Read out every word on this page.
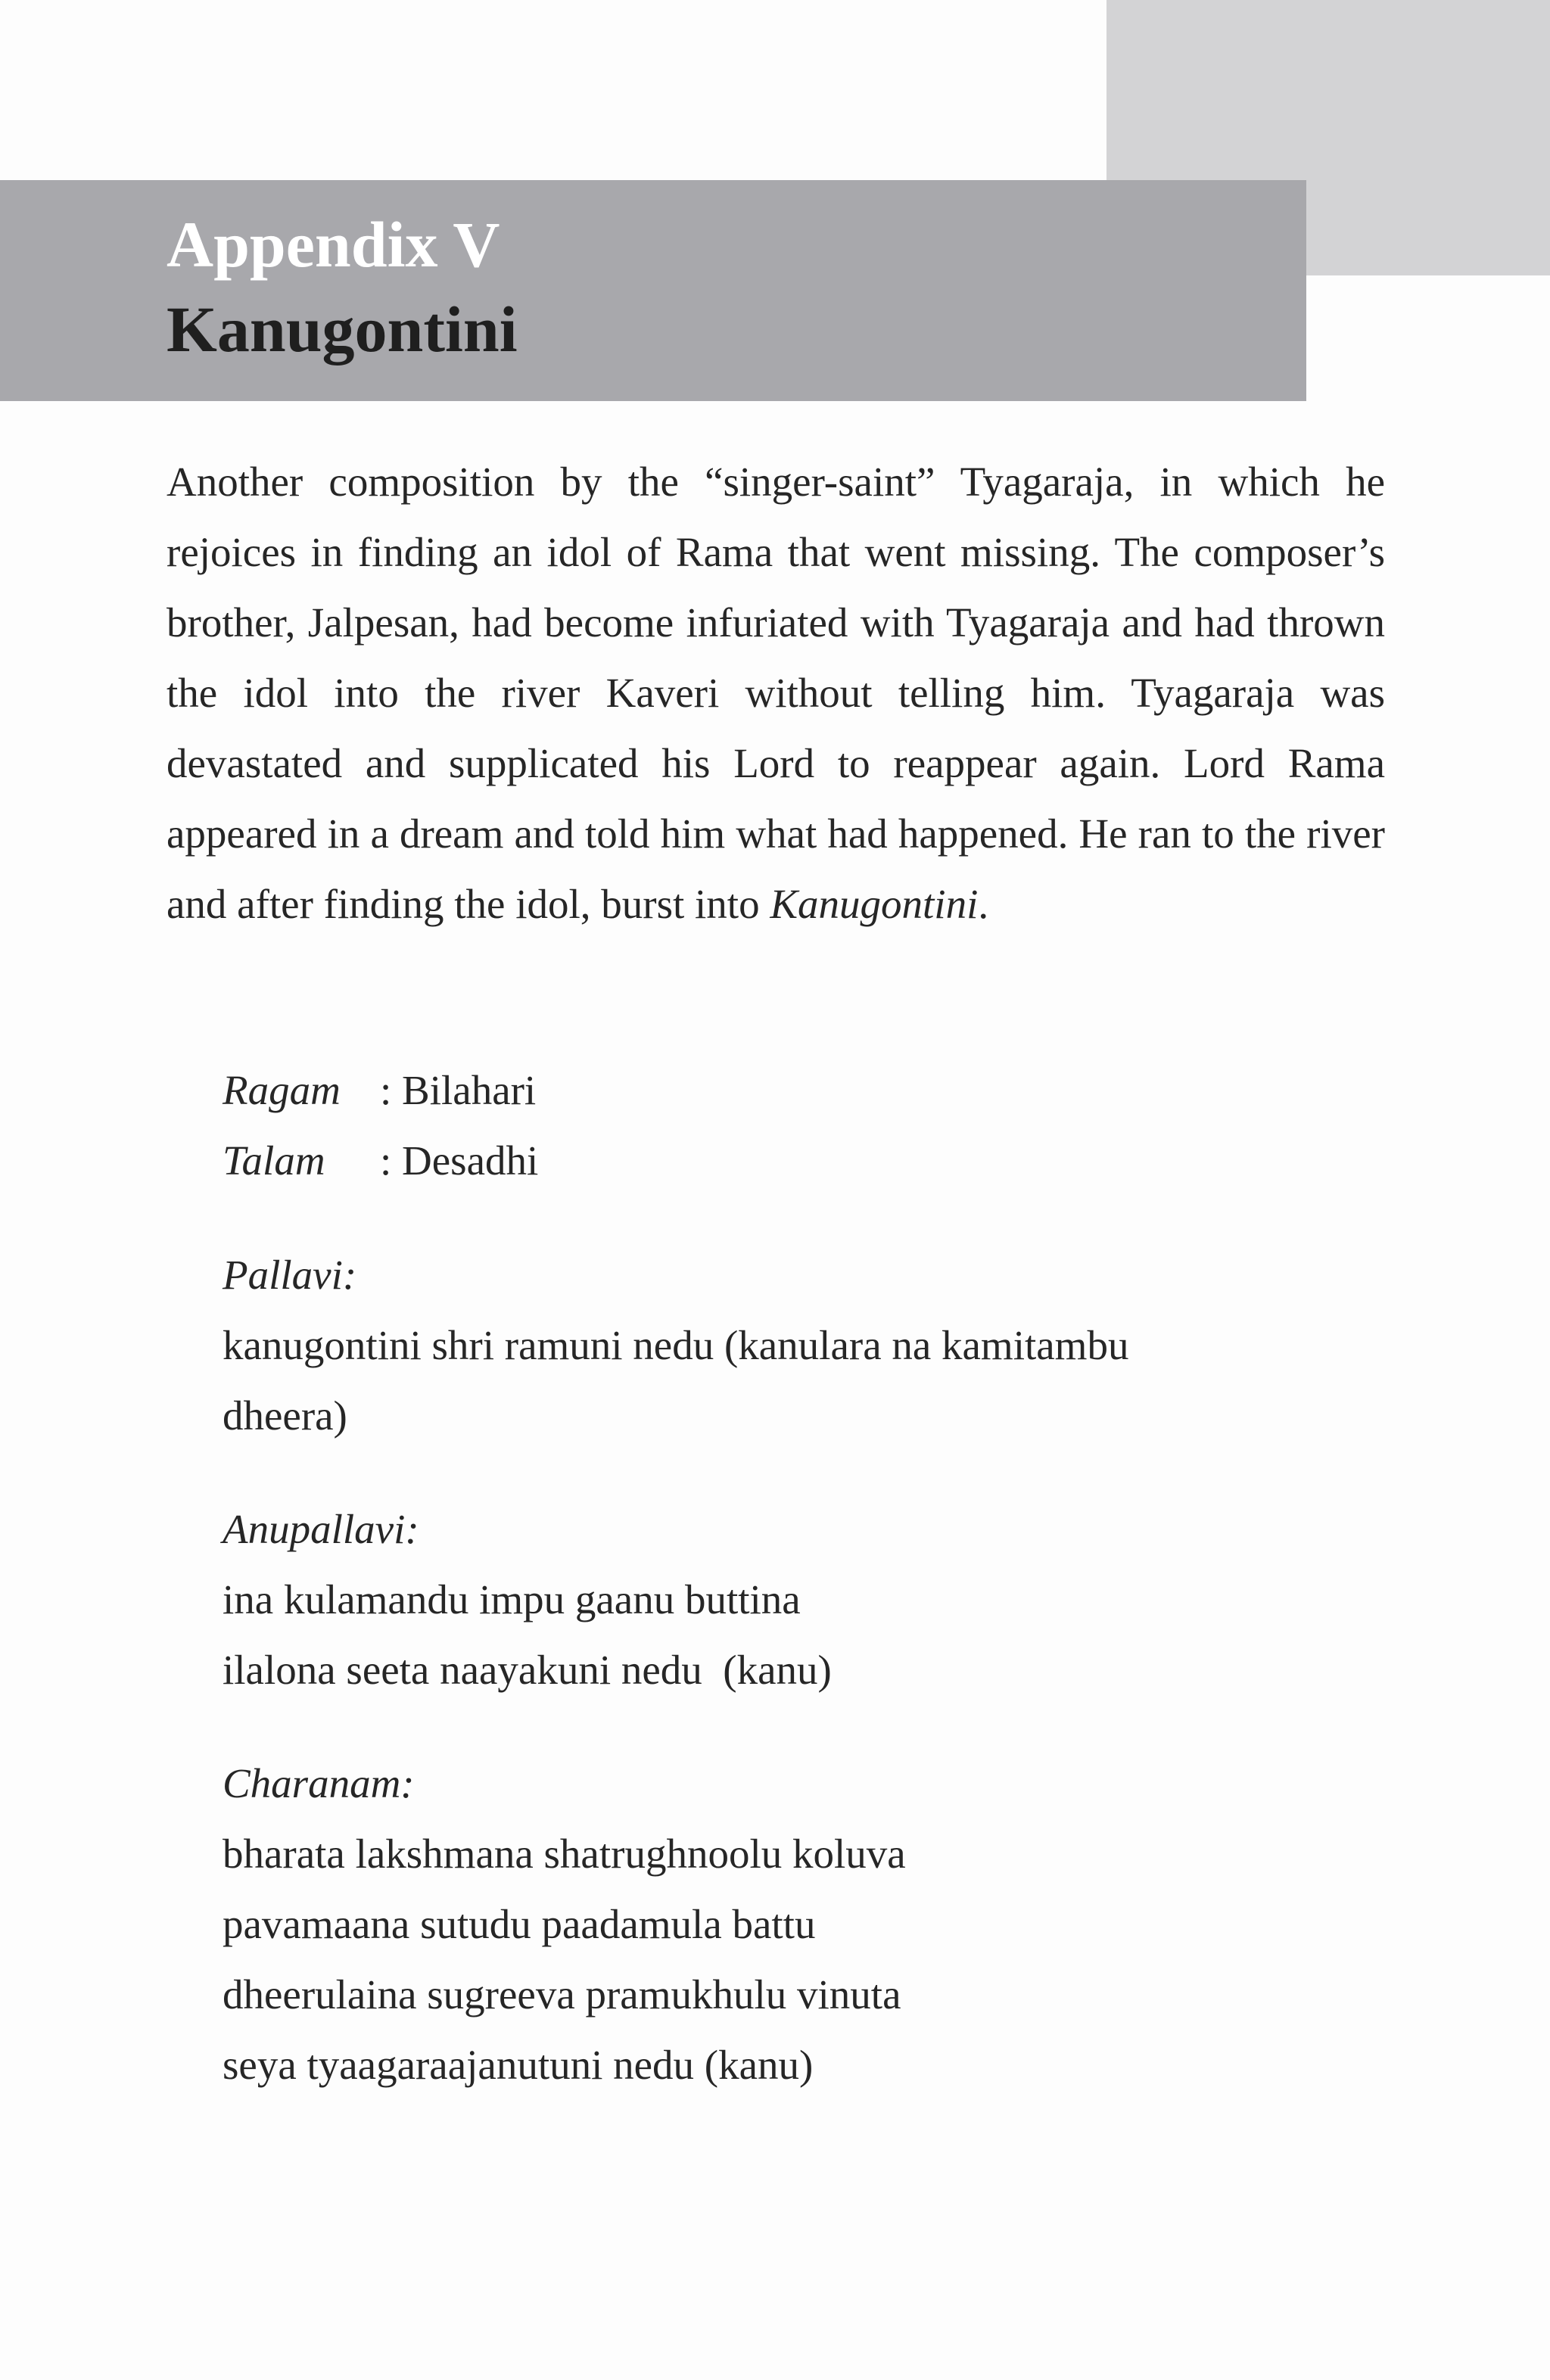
Appendix V
Kanugontini

Another composition by the “singer-saint” Tyagaraja, in which he rejoices in finding an idol of Rama that went missing. The composer’s brother, Jalpesan, had become infuriated with Tyagaraja and had thrown the idol into the river Kaveri without telling him. Tyagaraja was devastated and supplicated his Lord to reappear again. Lord Rama appeared in a dream and told him what had happened. He ran to the river and after finding the idol, burst into Kanugontini.

Ragam : Bilahari
Talam : Desadhi
Pallavi:
kanugontini shri ramuni nedu (kanulara na kamitambu
dheera)
Anupallavi:
ina kulamandu impu gaanu buttina
ilalona seeta naayakuni nedu  (kanu)
Charanam:
bharata lakshmana shatrughnoolu koluva
pavamaana sutudu paadamula battu
dheerulaina sugreeva pramukhulu vinuta
seya tyaagaraajanutuni nedu (kanu)
